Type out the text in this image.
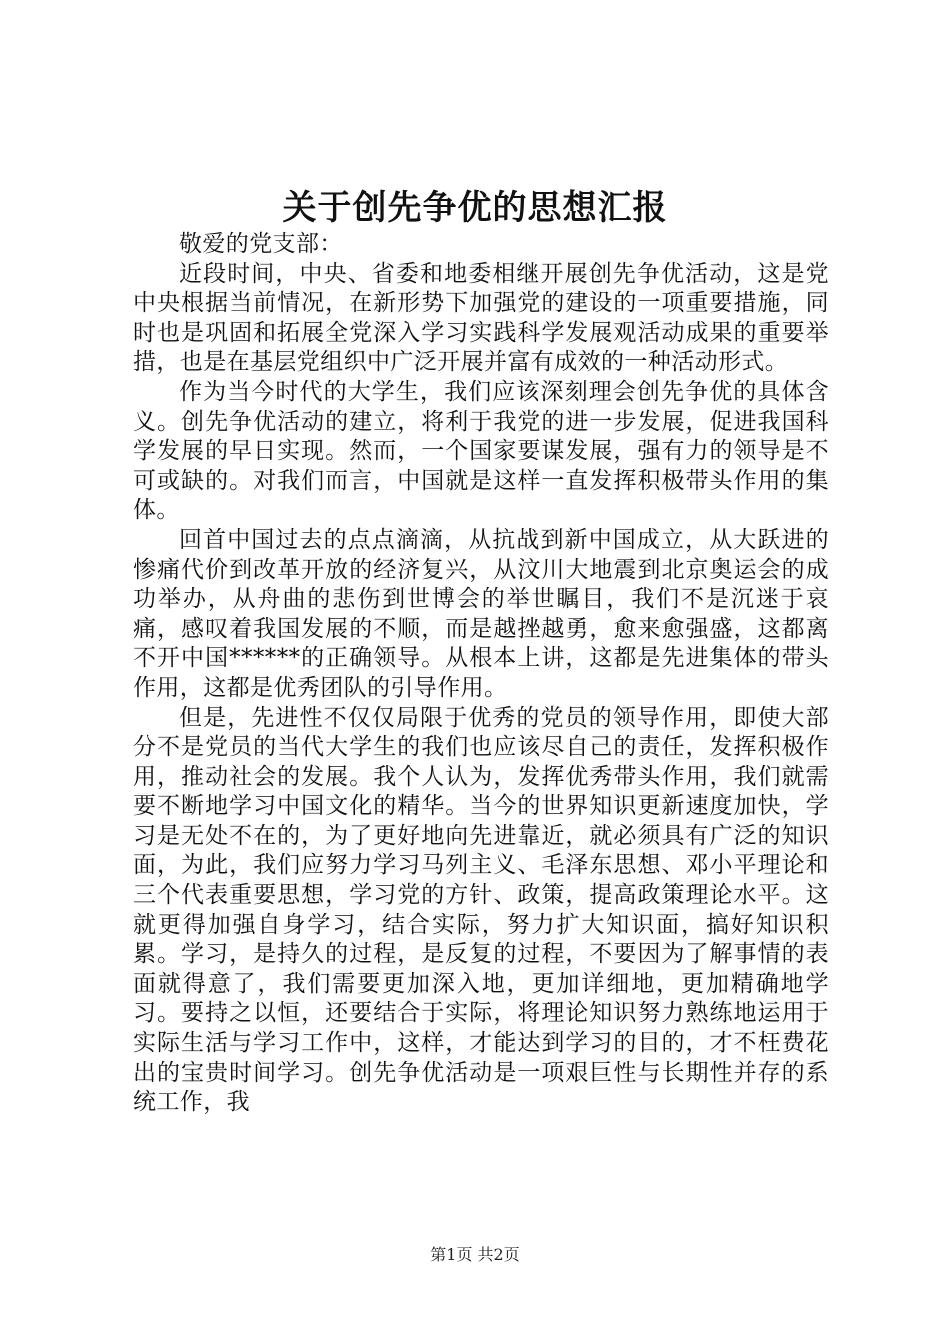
关于创先争优的思想汇报

敬爱的党支部：

近段时间，中央、省委和地委相继开展创先争优活动，这是党中央根据当前情况，在新形势下加强党的建设的一项重要措施，同时也是巩固和拓展全党深入学习实践科学发展观活动成果的重要举措，也是在基层党组织中广泛开展并富有成效的一种活动形式。

作为当今时代的大学生，我们应该深刻理会创先争优的具体含义。创先争优活动的建立，将利于我党的进一步发展，促进我国科学发展的早日实现。然而，一个国家要谋发展，强有力的领导是不可或缺的。对我们而言，中国就是这样一直发挥积极带头作用的集体。

回首中国过去的点点滴滴，从抗战到新中国成立，从大跃进的惨痛代价到改革开放的经济复兴，从汶川大地震到北京奥运会的成功举办，从舟曲的悲伤到世博会的举世瞩目，我们不是沉迷于哀痛，感叹着我国发展的不顺，而是越挫越勇，愈来愈强盛，这都离不开中国******的正确领导。从根本上讲，这都是先进集体的带头作用，这都是优秀团队的引导作用。

但是，先进性不仅仅局限于优秀的党员的领导作用，即使大部分不是党员的当代大学生的我们也应该尽自己的责任，发挥积极作用，推动社会的发展。我个人认为，发挥优秀带头作用，我们就需要不断地学习中国文化的精华。当今的世界知识更新速度加快，学习是无处不在的，为了更好地向先进靠近，就必须具有广泛的知识面，为此，我们应努力学习马列主义、毛泽东思想、邓小平理论和三个代表重要思想，学习党的方针、政策，提高政策理论水平。这就更得加强自身学习，结合实际，努力扩大知识面，搞好知识积累。学习，是持久的过程，是反复的过程，不要因为了解事情的表面就得意了，我们需要更加深入地，更加详细地，更加精确地学习。要持之以恒，还要结合于实际，将理论知识努力熟练地运用于实际生活与学习工作中，这样，才能达到学习的目的，才不枉费花出的宝贵时间学习。创先争优活动是一项艰巨性与长期性并存的系统工作，我

第1页 共2页
